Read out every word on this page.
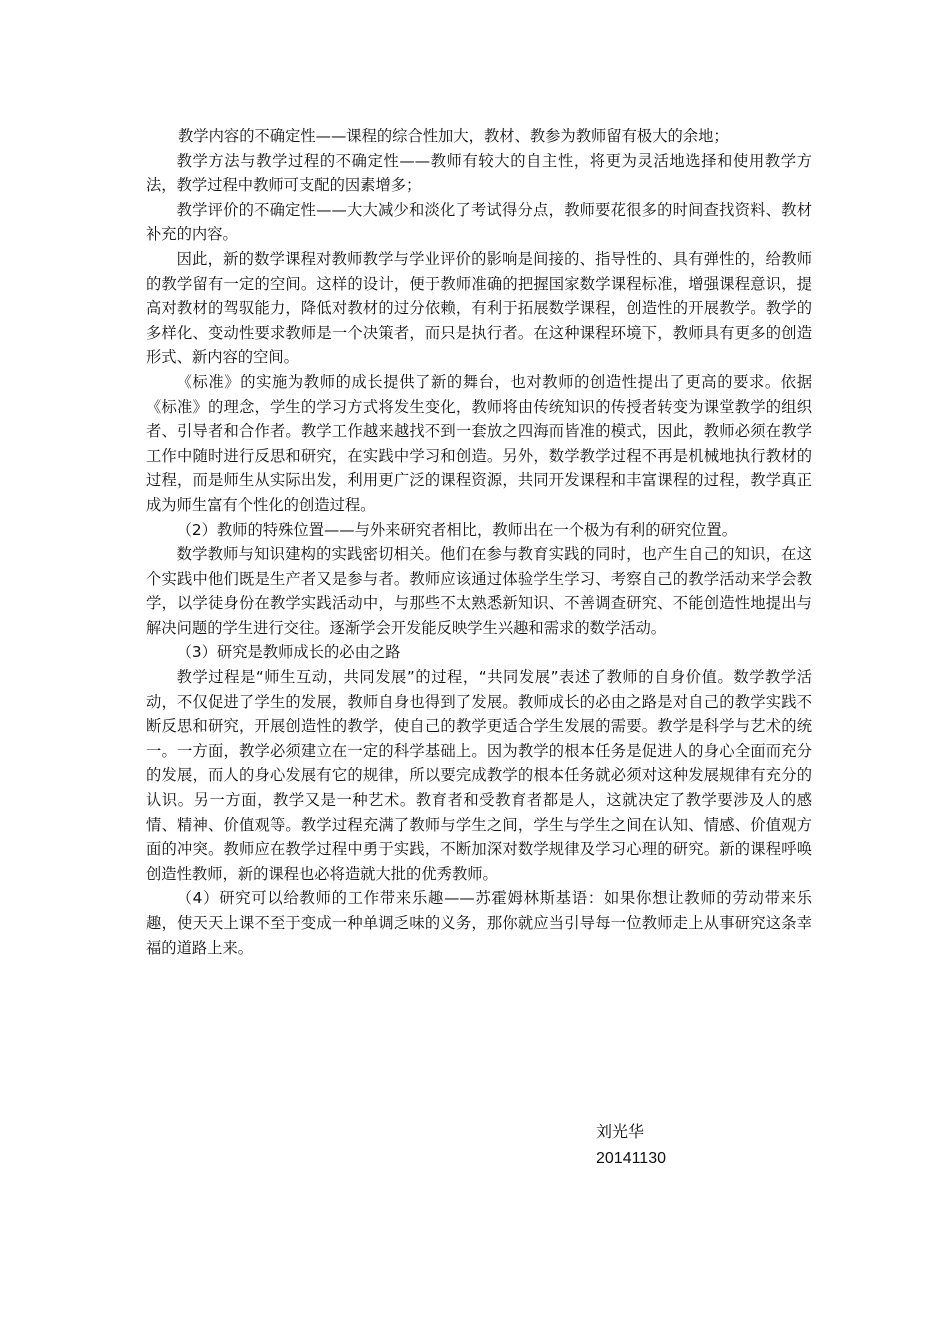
教学内容的不确定性——课程的综合性加大，教材、教参为教师留有极大的余地；

教学方法与教学过程的不确定性——教师有较大的自主性，将更为灵活地选择和使用教学方法，教学过程中教师可支配的因素增多；

教学评价的不确定性——大大减少和淡化了考试得分点，教师要花很多的时间查找资料、教材补充的内容。

因此，新的数学课程对教师教学与学业评价的影响是间接的、指导性的、具有弹性的，给教师的教学留有一定的空间。这样的设计，便于教师准确的把握国家数学课程标准，增强课程意识，提高对教材的驾驭能力，降低对教材的过分依赖，有利于拓展数学课程，创造性的开展教学。教学的多样化、变动性要求教师是一个决策者，而只是执行者。在这种课程环境下，教师具有更多的创造形式、新内容的空间。

《标准》的实施为教师的成长提供了新的舞台，也对教师的创造性提出了更高的要求。依据《标准》的理念，学生的学习方式将发生变化，教师将由传统知识的传授者转变为课堂教学的组织者、引导者和合作者。教学工作越来越找不到一套放之四海而皆准的模式，因此，教师必须在教学工作中随时进行反思和研究，在实践中学习和创造。另外，数学教学过程不再是机械地执行教材的过程，而是师生从实际出发，利用更广泛的课程资源，共同开发课程和丰富课程的过程，教学真正成为师生富有个性化的创造过程。

（2）教师的特殊位置——与外来研究者相比，教师出在一个极为有利的研究位置。

数学教师与知识建构的实践密切相关。他们在参与教育实践的同时，也产生自己的知识，在这个实践中他们既是生产者又是参与者。教师应该通过体验学生学习、考察自己的教学活动来学会教学，以学徒身份在教学实践活动中，与那些不太熟悉新知识、不善调查研究、不能创造性地提出与解决问题的学生进行交往。逐渐学会开发能反映学生兴趣和需求的数学活动。

（3）研究是教师成长的必由之路

教学过程是“师生互动，共同发展”的过程，“共同发展”表述了教师的自身价值。数学教学活动，不仅促进了学生的发展，教师自身也得到了发展。教师成长的必由之路是对自己的教学实践不断反思和研究，开展创造性的教学，使自己的教学更适合学生发展的需要。教学是科学与艺术的统一。一方面，教学必须建立在一定的科学基础上。因为教学的根本任务是促进人的身心全面而充分的发展，而人的身心发展有它的规律，所以要完成教学的根本任务就必须对这种发展规律有充分的认识。另一方面，教学又是一种艺术。教育者和受教育者都是人，这就决定了教学要涉及人的感情、精神、价值观等。教学过程充满了教师与学生之间，学生与学生之间在认知、情感、价值观方面的冲突。教师应在教学过程中勇于实践，不断加深对数学规律及学习心理的研究。新的课程呼唤创造性教师，新的课程也必将造就大批的优秀教师。

（4）研究可以给教师的工作带来乐趣——苏霍姆林斯基语：如果你想让教师的劳动带来乐趣，使天天上课不至于变成一种单调乏味的义务，那你就应当引导每一位教师走上从事研究这条幸福的道路上来。

刘光华
20141130
